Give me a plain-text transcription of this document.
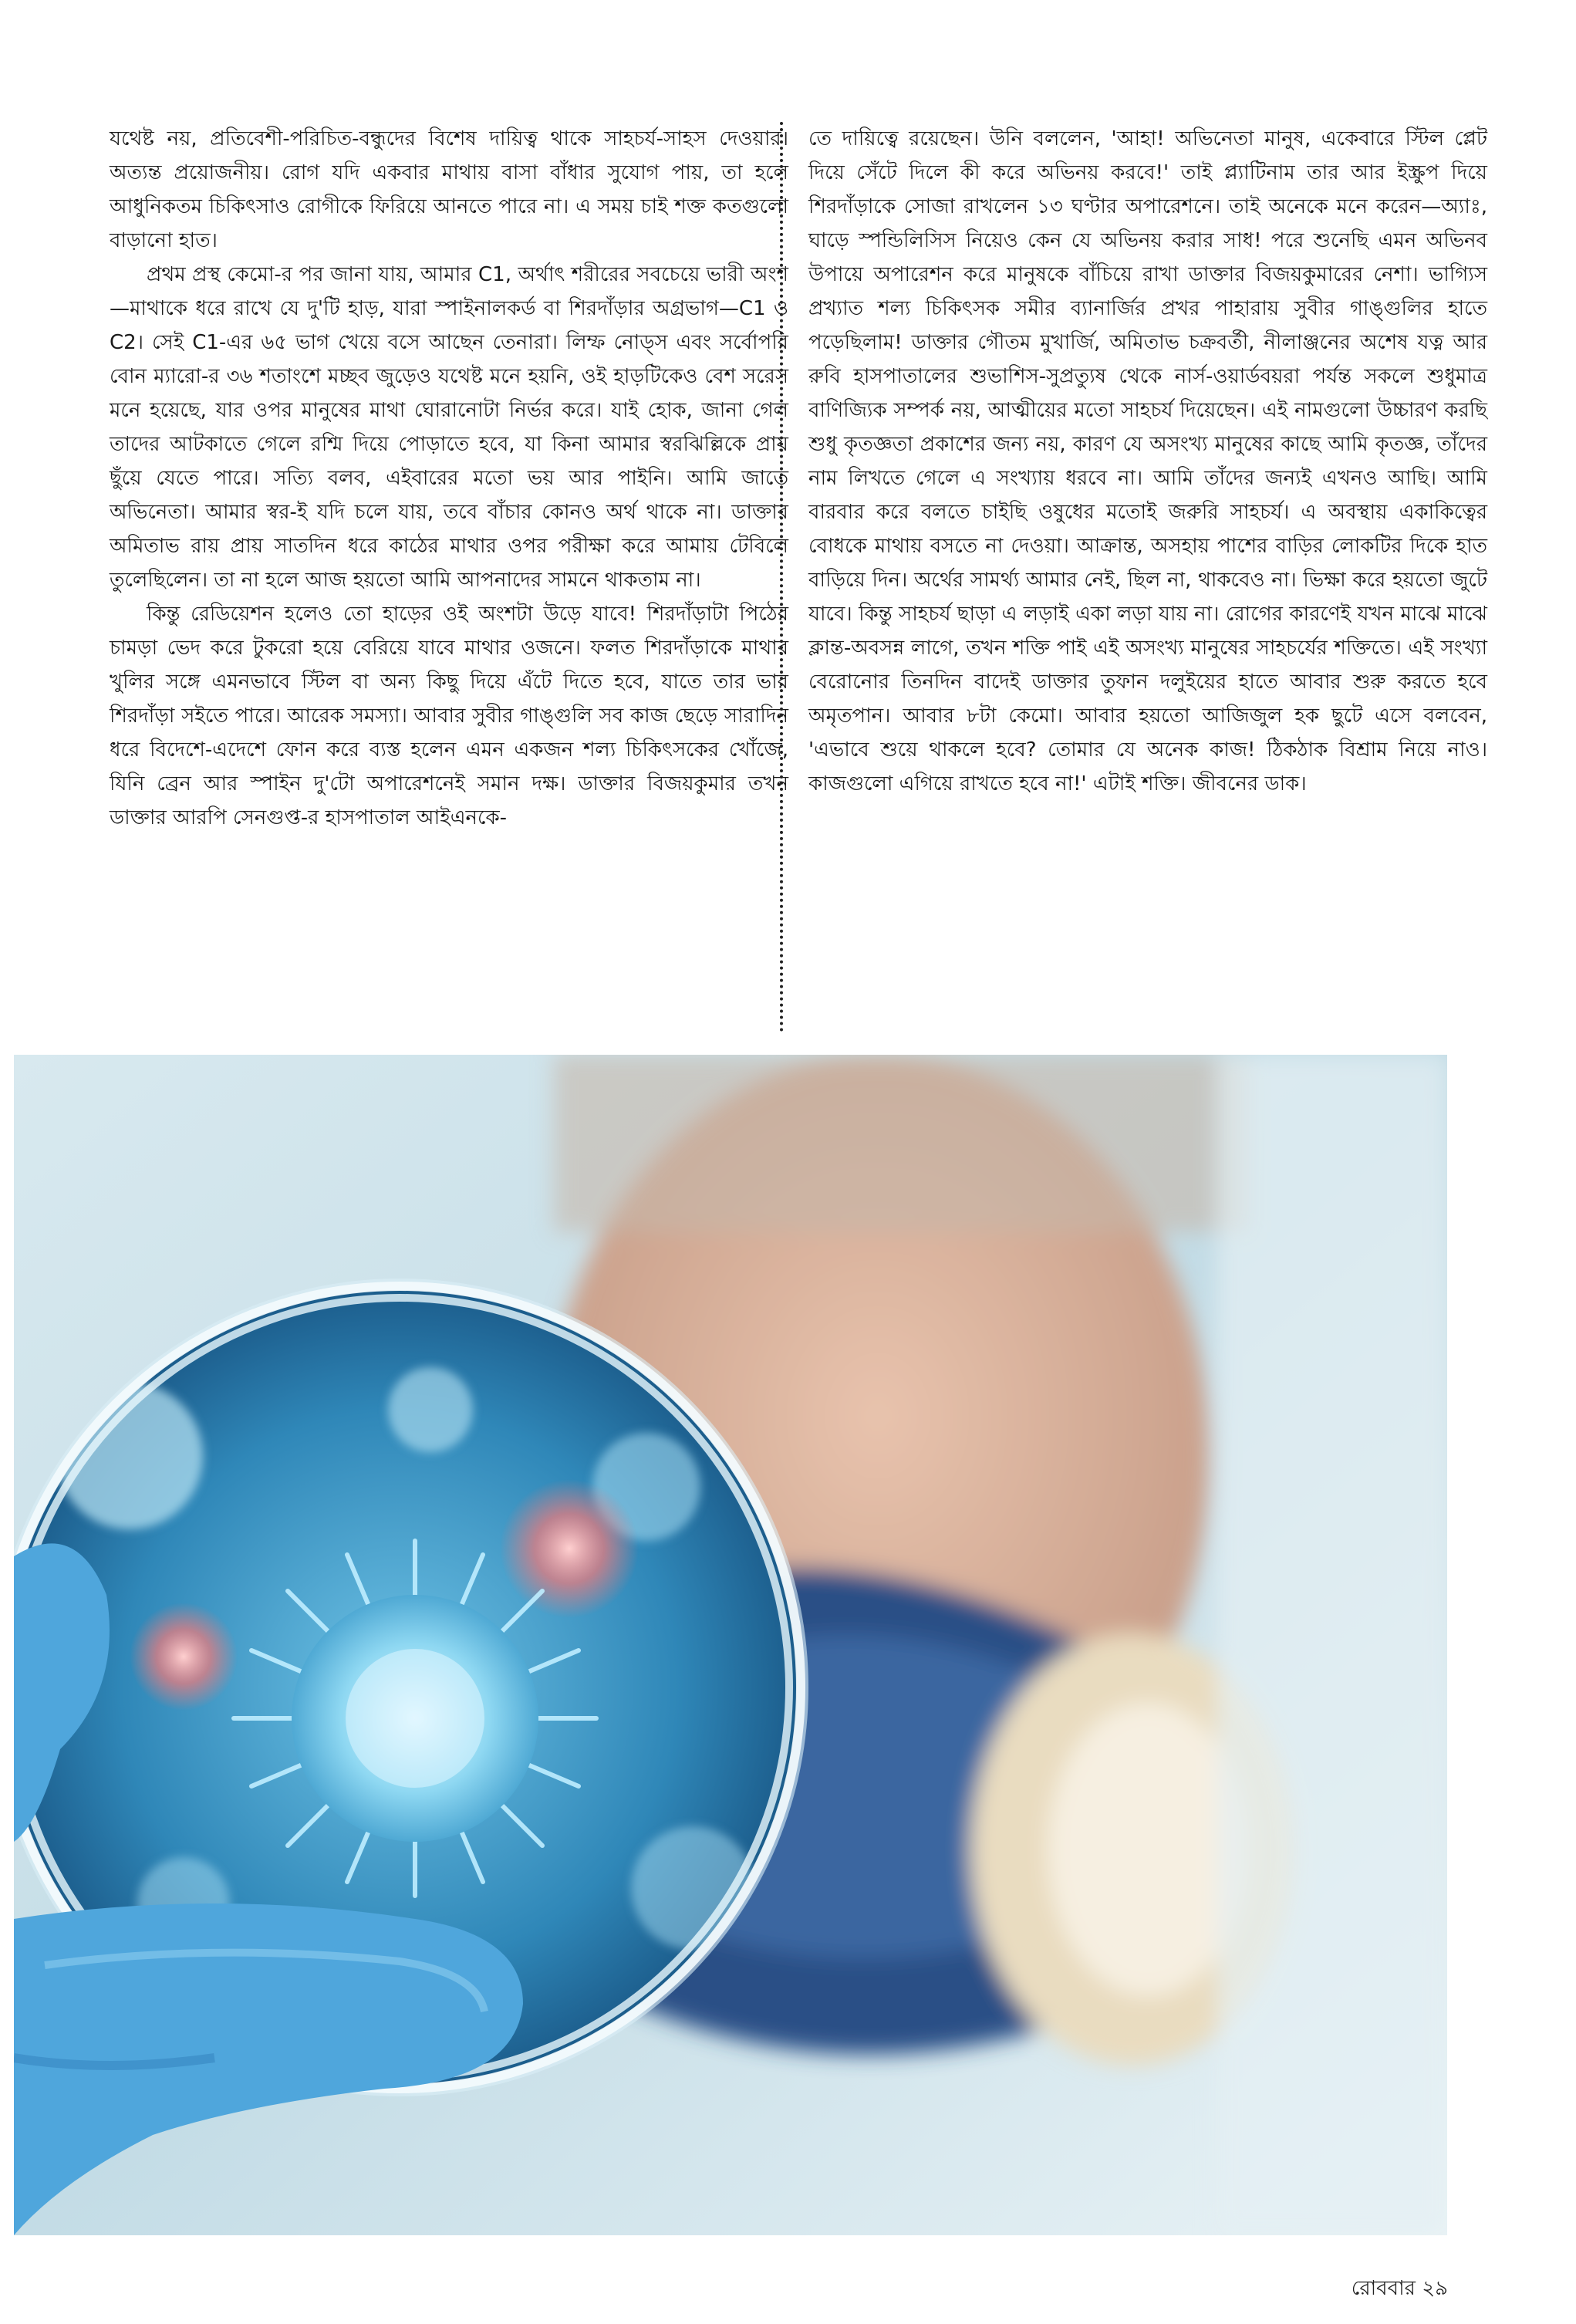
যথেষ্ট নয়, প্রতিবেশী-পরিচিত-বন্ধুদের বিশেষ দায়িত্ব থাকে সাহচর্য-সাহস দেওয়ার। অত্যন্ত প্রয়োজনীয়। রোগ যদি একবার মাথায় বাসা বাঁধার সুযোগ পায়, তা হলে আধুনিকতম চিকিৎসাও রোগীকে ফিরিয়ে আনতে পারে না। এ সময় চাই শক্ত কতগুলো বাড়ানো হাত।

প্রথম প্রস্থ কেমো-র পর জানা যায়, আমার C1, অর্থাৎ শরীরের সবচেয়ে ভারী অংশ—মাথাকে ধরে রাখে যে দু'টি হাড়, যারা স্পাইনালকর্ড বা শিরদাঁড়ার অগ্রভাগ—C1 ও C2। সেই C1-এর ৬৫ ভাগ খেয়ে বসে আছেন তেনারা। লিম্ফ নোড্স এবং সর্বোপরি বোন ম্যারো-র ৩৬ শতাংশে মচ্ছব জুড়েও যথেষ্ট মনে হয়নি, ওই হাড়টিকেও বেশ সরেস মনে হয়েছে, যার ওপর মানুষের মাথা ঘোরানোটা নির্ভর করে। যাই হোক, জানা গেল তাদের আটকাতে গেলে রশ্মি দিয়ে পোড়াতে হবে, যা কিনা আমার স্বরঝিল্লিকে প্রায় ছুঁয়ে যেতে পারে। সত্যি বলব, এইবারের মতো ভয় আর পাইনি। আমি জাতে অভিনেতা। আমার স্বর-ই যদি চলে যায়, তবে বাঁচার কোনও অর্থ থাকে না। ডাক্তার অমিতাভ রায় প্রায় সাতদিন ধরে কাঠের মাথার ওপর পরীক্ষা করে আমায় টেবিলে তুলেছিলেন। তা না হলে আজ হয়তো আমি আপনাদের সামনে থাকতাম না।

কিন্তু রেডিয়েশন হলেও তো হাড়ের ওই অংশটা উড়ে যাবে! শিরদাঁড়াটা পিঠের চামড়া ভেদ করে টুকরো হয়ে বেরিয়ে যাবে মাথার ওজনে। ফলত শিরদাঁড়াকে মাথার খুলির সঙ্গে এমনভাবে স্টিল বা অন্য কিছু দিয়ে এঁটে দিতে হবে, যাতে তার ভার শিরদাঁড়া সইতে পারে। আরেক সমস্যা। আবার সুবীর গাঙ্গুলি সব কাজ ছেড়ে সারাদিন ধরে বিদেশে-এদেশে ফোন করে ব্যস্ত হলেন এমন একজন শল্য চিকিৎসকের খোঁজে, যিনি ব্রেন আর স্পাইন দু'টো অপারেশনেই সমান দক্ষ। ডাক্তার বিজয়কুমার তখন ডাক্তার আরপি সেনগুপ্ত-র হাসপাতাল আইএনকে-

তে দায়িত্বে রয়েছেন। উনি বললেন, 'আহা! অভিনেতা মানুষ, একেবারে স্টিল প্লেট দিয়ে সেঁটে দিলে কী করে অভিনয় করবে!' তাই প্ল্যাটিনাম তার আর ইস্ক্রুপ দিয়ে শিরদাঁড়াকে সোজা রাখলেন ১৩ ঘণ্টার অপারেশনে। তাই অনেকে মনে করেন—অ্যাঃ, ঘাড়ে স্পন্ডিলিসিস নিয়েও কেন যে অভিনয় করার সাধ! পরে শুনেছি এমন অভিনব উপায়ে অপারেশন করে মানুষকে বাঁচিয়ে রাখা ডাক্তার বিজয়কুমারের নেশা। ভাগ্যিস প্রখ্যাত শল্য চিকিৎসক সমীর ব্যানার্জির প্রখর পাহারায় সুবীর গাঙ্গুলির হাতে পড়েছিলাম! ডাক্তার গৌতম মুখার্জি, অমিতাভ চক্রবর্তী, নীলাঞ্জনের অশেষ যত্ন আর রুবি হাসপাতালের শুভাশিস-সুপ্রত্যুষ থেকে নার্স-ওয়ার্ডবয়রা পর্যন্ত সকলে শুধুমাত্র বাণিজ্যিক সম্পর্ক নয়, আত্মীয়ের মতো সাহচর্য দিয়েছেন। এই নামগুলো উচ্চারণ করছি শুধু কৃতজ্ঞতা প্রকাশের জন্য নয়, কারণ যে অসংখ্য মানুষের কাছে আমি কৃতজ্ঞ, তাঁদের নাম লিখতে গেলে এ সংখ্যায় ধরবে না। আমি তাঁদের জন্যই এখনও আছি। আমি বারবার করে বলতে চাইছি ওষুধের মতোই জরুরি সাহচর্য। এ অবস্থায় একাকিত্বের বোধকে মাথায় বসতে না দেওয়া। আক্রান্ত, অসহায় পাশের বাড়ির লোকটির দিকে হাত বাড়িয়ে দিন। অর্থের সামর্থ্য আমার নেই, ছিল না, থাকবেও না। ভিক্ষা করে হয়তো জুটে যাবে। কিন্তু সাহচর্য ছাড়া এ লড়াই একা লড়া যায় না। রোগের কারণেই যখন মাঝে মাঝে ক্লান্ত-অবসন্ন লাগে, তখন শক্তি পাই এই অসংখ্য মানুষের সাহচর্যের শক্তিতে। এই সংখ্যা বেরোনোর তিনদিন বাদেই ডাক্তার তুফান দলুইয়ের হাতে আবার শুরু করতে হবে অমৃতপান। আবার ৮টা কেমো। আবার হয়তো আজিজুল হক ছুটে এসে বলবেন, 'এভাবে শুয়ে থাকলে হবে? তোমার যে অনেক কাজ! ঠিকঠাক বিশ্রাম নিয়ে নাও। কাজগুলো এগিয়ে রাখতে হবে না!' এটাই শক্তি। জীবনের ডাক।

রোববার ২৯
